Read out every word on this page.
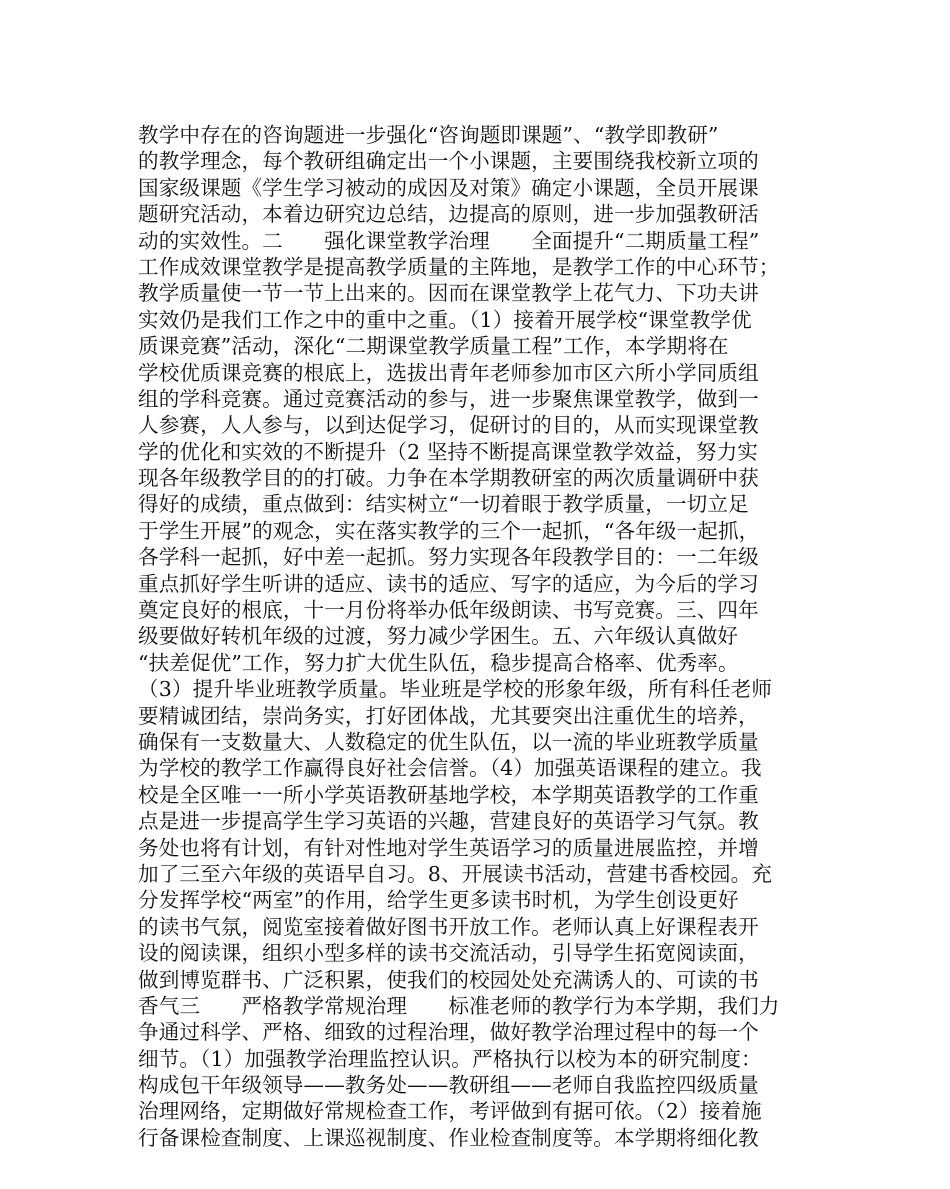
教学中存在的咨询题进一步强化“咨询题即课题”、“教学即教研”
的教学理念，每个教研组确定出一个小课题，主要围绕我校新立项的
国家级课题《学生学习被动的成因及对策》确定小课题，全员开展课
题研究活动，本着边研究边总结，边提高的原则，进一步加强教研活
动的实效性。二　　强化课堂教学治理　　全面提升“二期质量工程”
工作成效课堂教学是提高教学质量的主阵地，是教学工作的中心环节；
教学质量使一节一节上出来的。因而在课堂教学上花气力、下功夫讲
实效仍是我们工作之中的重中之重。（1）接着开展学校“课堂教学优
质课竞赛”活动，深化“二期课堂教学质量工程”工作，本学期将在
学校优质课竞赛的根底上，选拔出青年老师参加市区六所小学同质组
组的学科竞赛。通过竞赛活动的参与，进一步聚焦课堂教学，做到一
人参赛，人人参与，以到达促学习，促研讨的目的，从而实现课堂教
学的优化和实效的不断提升（2 坚持不断提高课堂教学效益，努力实
现各年级教学目的的打破。力争在本学期教研室的两次质量调研中获
得好的成绩，重点做到：结实树立“一切着眼于教学质量，一切立足
于学生开展”的观念，实在落实教学的三个一起抓，“各年级一起抓，
各学科一起抓，好中差一起抓。努力实现各年段教学目的：一二年级
重点抓好学生听讲的适应、读书的适应、写字的适应，为今后的学习
奠定良好的根底，十一月份将举办低年级朗读、书写竞赛。三、四年
级要做好转机年级的过渡，努力减少学困生。五、六年级认真做好
“扶差促优”工作，努力扩大优生队伍，稳步提高合格率、优秀率。
（3）提升毕业班教学质量。毕业班是学校的形象年级，所有科任老师
要精诚团结，崇尚务实，打好团体战，尤其要突出注重优生的培养，
确保有一支数量大、人数稳定的优生队伍，以一流的毕业班教学质量
为学校的教学工作赢得良好社会信誉。（4）加强英语课程的建立。我
校是全区唯一一所小学英语教研基地学校，本学期英语教学的工作重
点是进一步提高学生学习英语的兴趣，营建良好的英语学习气氛。教
务处也将有计划，有针对性地对学生英语学习的质量进展监控，并增
加了三至六年级的英语早自习。8、开展读书活动，营建书香校园。充
分发挥学校“两室”的作用，给学生更多读书时机，为学生创设更好
的读书气氛，阅览室接着做好图书开放工作。老师认真上好课程表开
设的阅读课，组织小型多样的读书交流活动，引导学生拓宽阅读面，
做到博览群书、广泛积累，使我们的校园处处充满诱人的、可读的书
香气三　　严格教学常规治理　　标准老师的教学行为本学期，我们力
争通过科学、严格、细致的过程治理，做好教学治理过程中的每一个
细节。（1）加强教学治理监控认识。严格执行以校为本的研究制度：
构成包干年级领导——教务处——教研组——老师自我监控四级质量
治理网络，定期做好常规检查工作，考评做到有据可依。（2）接着施
行备课检查制度、上课巡视制度、作业检查制度等。本学期将细化教
